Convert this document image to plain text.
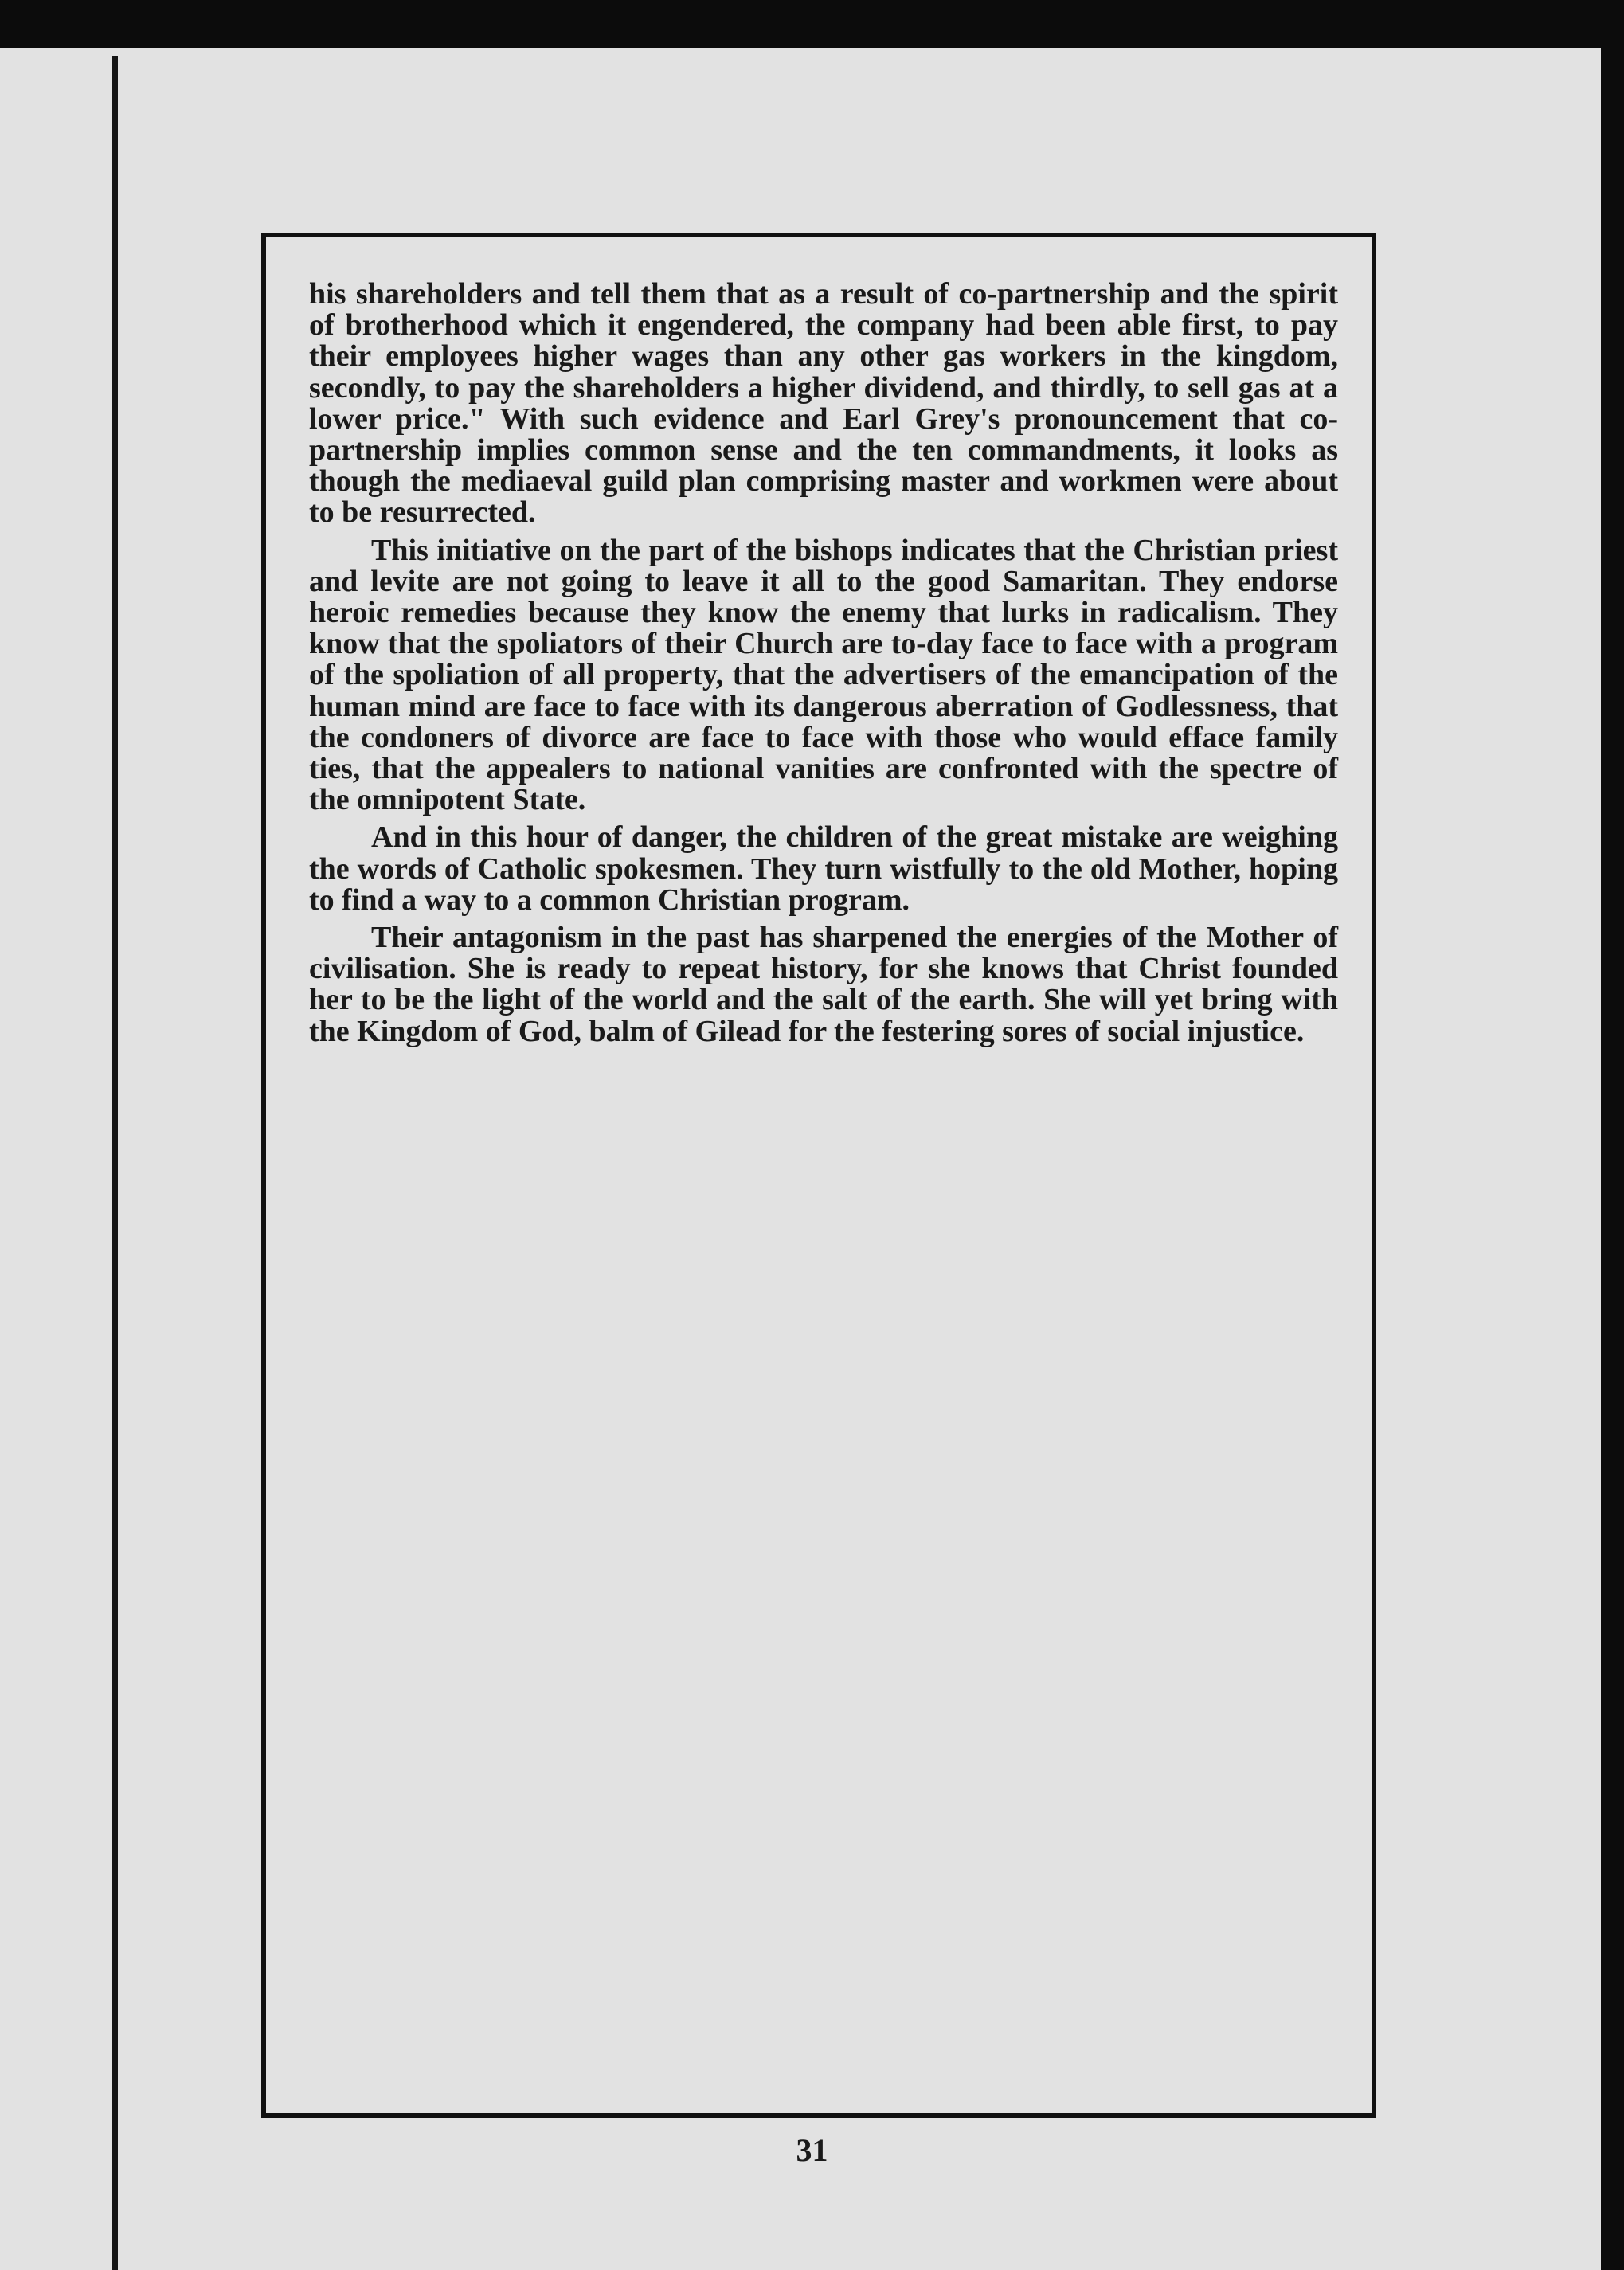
his shareholders and tell them that as a result of co-partnership and the spirit of brotherhood which it engendered, the company had been able first, to pay their employees higher wages than any other gas workers in the kingdom, secondly, to pay the shareholders a higher dividend, and thirdly, to sell gas at a lower price." With such evidence and Earl Grey's pronouncement that co-partnership implies common sense and the ten commandments, it looks as though the mediaeval guild plan comprising master and workmen were about to be resurrected.

This initiative on the part of the bishops indicates that the Christian priest and levite are not going to leave it all to the good Samaritan. They endorse heroic remedies because they know the enemy that lurks in radicalism. They know that the spoliators of their Church are to-day face to face with a program of the spoliation of all property, that the advertisers of the emancipation of the human mind are face to face with its dangerous aberration of Godlessness, that the condoners of divorce are face to face with those who would efface family ties, that the appealers to national vanities are confronted with the spectre of the omnipotent State.

And in this hour of danger, the children of the great mistake are weighing the words of Catholic spokesmen. They turn wistfully to the old Mother, hoping to find a way to a common Christian program.

Their antagonism in the past has sharpened the energies of the Mother of civilisation. She is ready to repeat history, for she knows that Christ founded her to be the light of the world and the salt of the earth. She will yet bring with the Kingdom of God, balm of Gilead for the festering sores of social injustice.

31
